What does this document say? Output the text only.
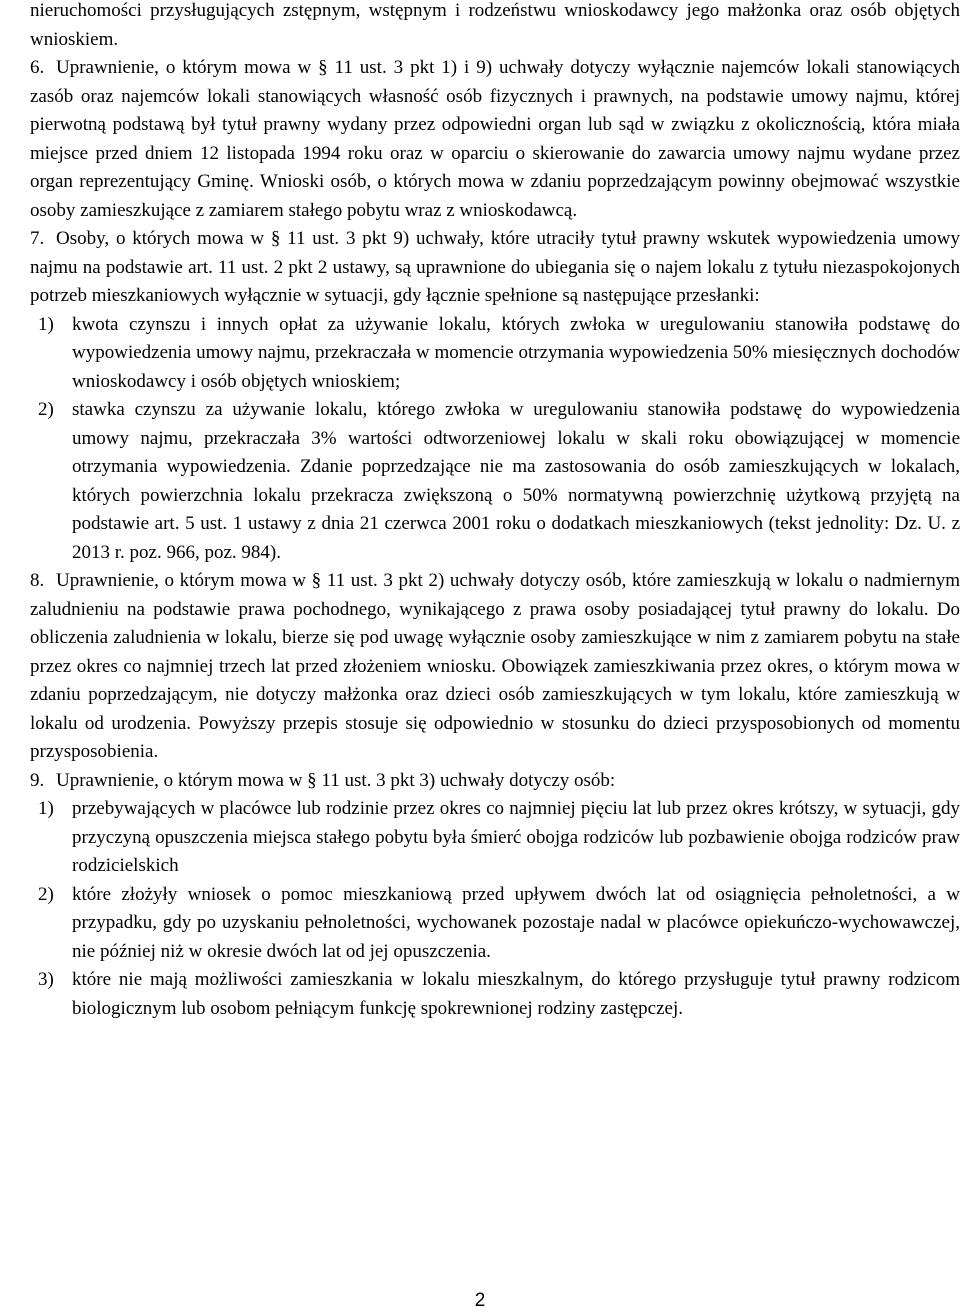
nieruchomości przysługujących zstępnym, wstępnym i rodzeństwu wnioskodawcy jego małżonka oraz osób objętych wnioskiem.
6. Uprawnienie, o którym mowa w § 11 ust. 3 pkt 1) i 9) uchwały dotyczy wyłącznie najemców lokali stanowiących zasób oraz najemców lokali stanowiących własność osób fizycznych i prawnych, na podstawie umowy najmu, której pierwotną podstawą był tytuł prawny wydany przez odpowiedni organ lub sąd w związku z okolicznością, która miała miejsce przed dniem 12 listopada 1994 roku oraz w oparciu o skierowanie do zawarcia umowy najmu wydane przez organ reprezentujący Gminę. Wnioski osób, o których mowa w zdaniu poprzedzającym powinny obejmować wszystkie osoby zamieszkujące z zamiarem stałego pobytu wraz z wnioskodawcą.
7. Osoby, o których mowa w § 11 ust. 3 pkt 9) uchwały, które utraciły tytuł prawny wskutek wypowiedzenia umowy najmu na podstawie art. 11 ust. 2 pkt 2 ustawy, są uprawnione do ubiegania się o najem lokalu z tytułu niezaspokojonych potrzeb mieszkaniowych wyłącznie w sytuacji, gdy łącznie spełnione są następujące przesłanki:
1) kwota czynszu i innych opłat za używanie lokalu, których zwłoka w uregulowaniu stanowiła podstawę do wypowiedzenia umowy najmu, przekraczała w momencie otrzymania wypowiedzenia 50% miesięcznych dochodów wnioskodawcy i osób objętych wnioskiem;
2) stawka czynszu za używanie lokalu, którego zwłoka w uregulowaniu stanowiła podstawę do wypowiedzenia umowy najmu, przekraczała 3% wartości odtworzeniowej lokalu w skali roku obowiązującej w momencie otrzymania wypowiedzenia. Zdanie poprzedzające nie ma zastosowania do osób zamieszkujących w lokalach, których powierzchnia lokalu przekracza zwiększoną o 50% normatywną powierzchnię użytkową przyjętą na podstawie art. 5 ust. 1 ustawy z dnia 21 czerwca 2001 roku o dodatkach mieszkaniowych (tekst jednolity: Dz. U. z 2013 r. poz. 966, poz. 984).
8. Uprawnienie, o którym mowa w § 11 ust. 3 pkt 2) uchwały dotyczy osób, które zamieszkują w lokalu o nadmiernym zaludnieniu na podstawie prawa pochodnego, wynikającego z prawa osoby posiadającej tytuł prawny do lokalu. Do obliczenia zaludnienia w lokalu, bierze się pod uwagę wyłącznie osoby zamieszkujące w nim z zamiarem pobytu na stałe przez okres co najmniej trzech lat przed złożeniem wniosku. Obowiązek zamieszkiwania przez okres, o którym mowa w zdaniu poprzedzającym, nie dotyczy małżonka oraz dzieci osób zamieszkujących w tym lokalu, które zamieszkują w lokalu od urodzenia. Powyższy przepis stosuje się odpowiednio w stosunku do dzieci przysposobionych od momentu przysposobienia.
9. Uprawnienie, o którym mowa w § 11 ust. 3 pkt 3) uchwały dotyczy osób:
1) przebywających w placówce lub rodzinie przez okres co najmniej pięciu lat lub przez okres krótszy, w sytuacji, gdy przyczyną opuszczenia miejsca stałego pobytu była śmierć obojga rodziców lub pozbawienie obojga rodziców praw rodzicielskich
2) które złożyły wniosek o pomoc mieszkaniową przed upływem dwóch lat od osiągnięcia pełnoletności, a w przypadku, gdy po uzyskaniu pełnoletności, wychowanek pozostaje nadal w placówce opiekuńczo-wychowawczej, nie później niż w okresie dwóch lat od jej opuszczenia.
3) które nie mają możliwości zamieszkania w lokalu mieszkalnym, do którego przysługuje tytuł prawny rodzicom biologicznym lub osobom pełniącym funkcję spokrewnionej rodziny zastępczej.
2
